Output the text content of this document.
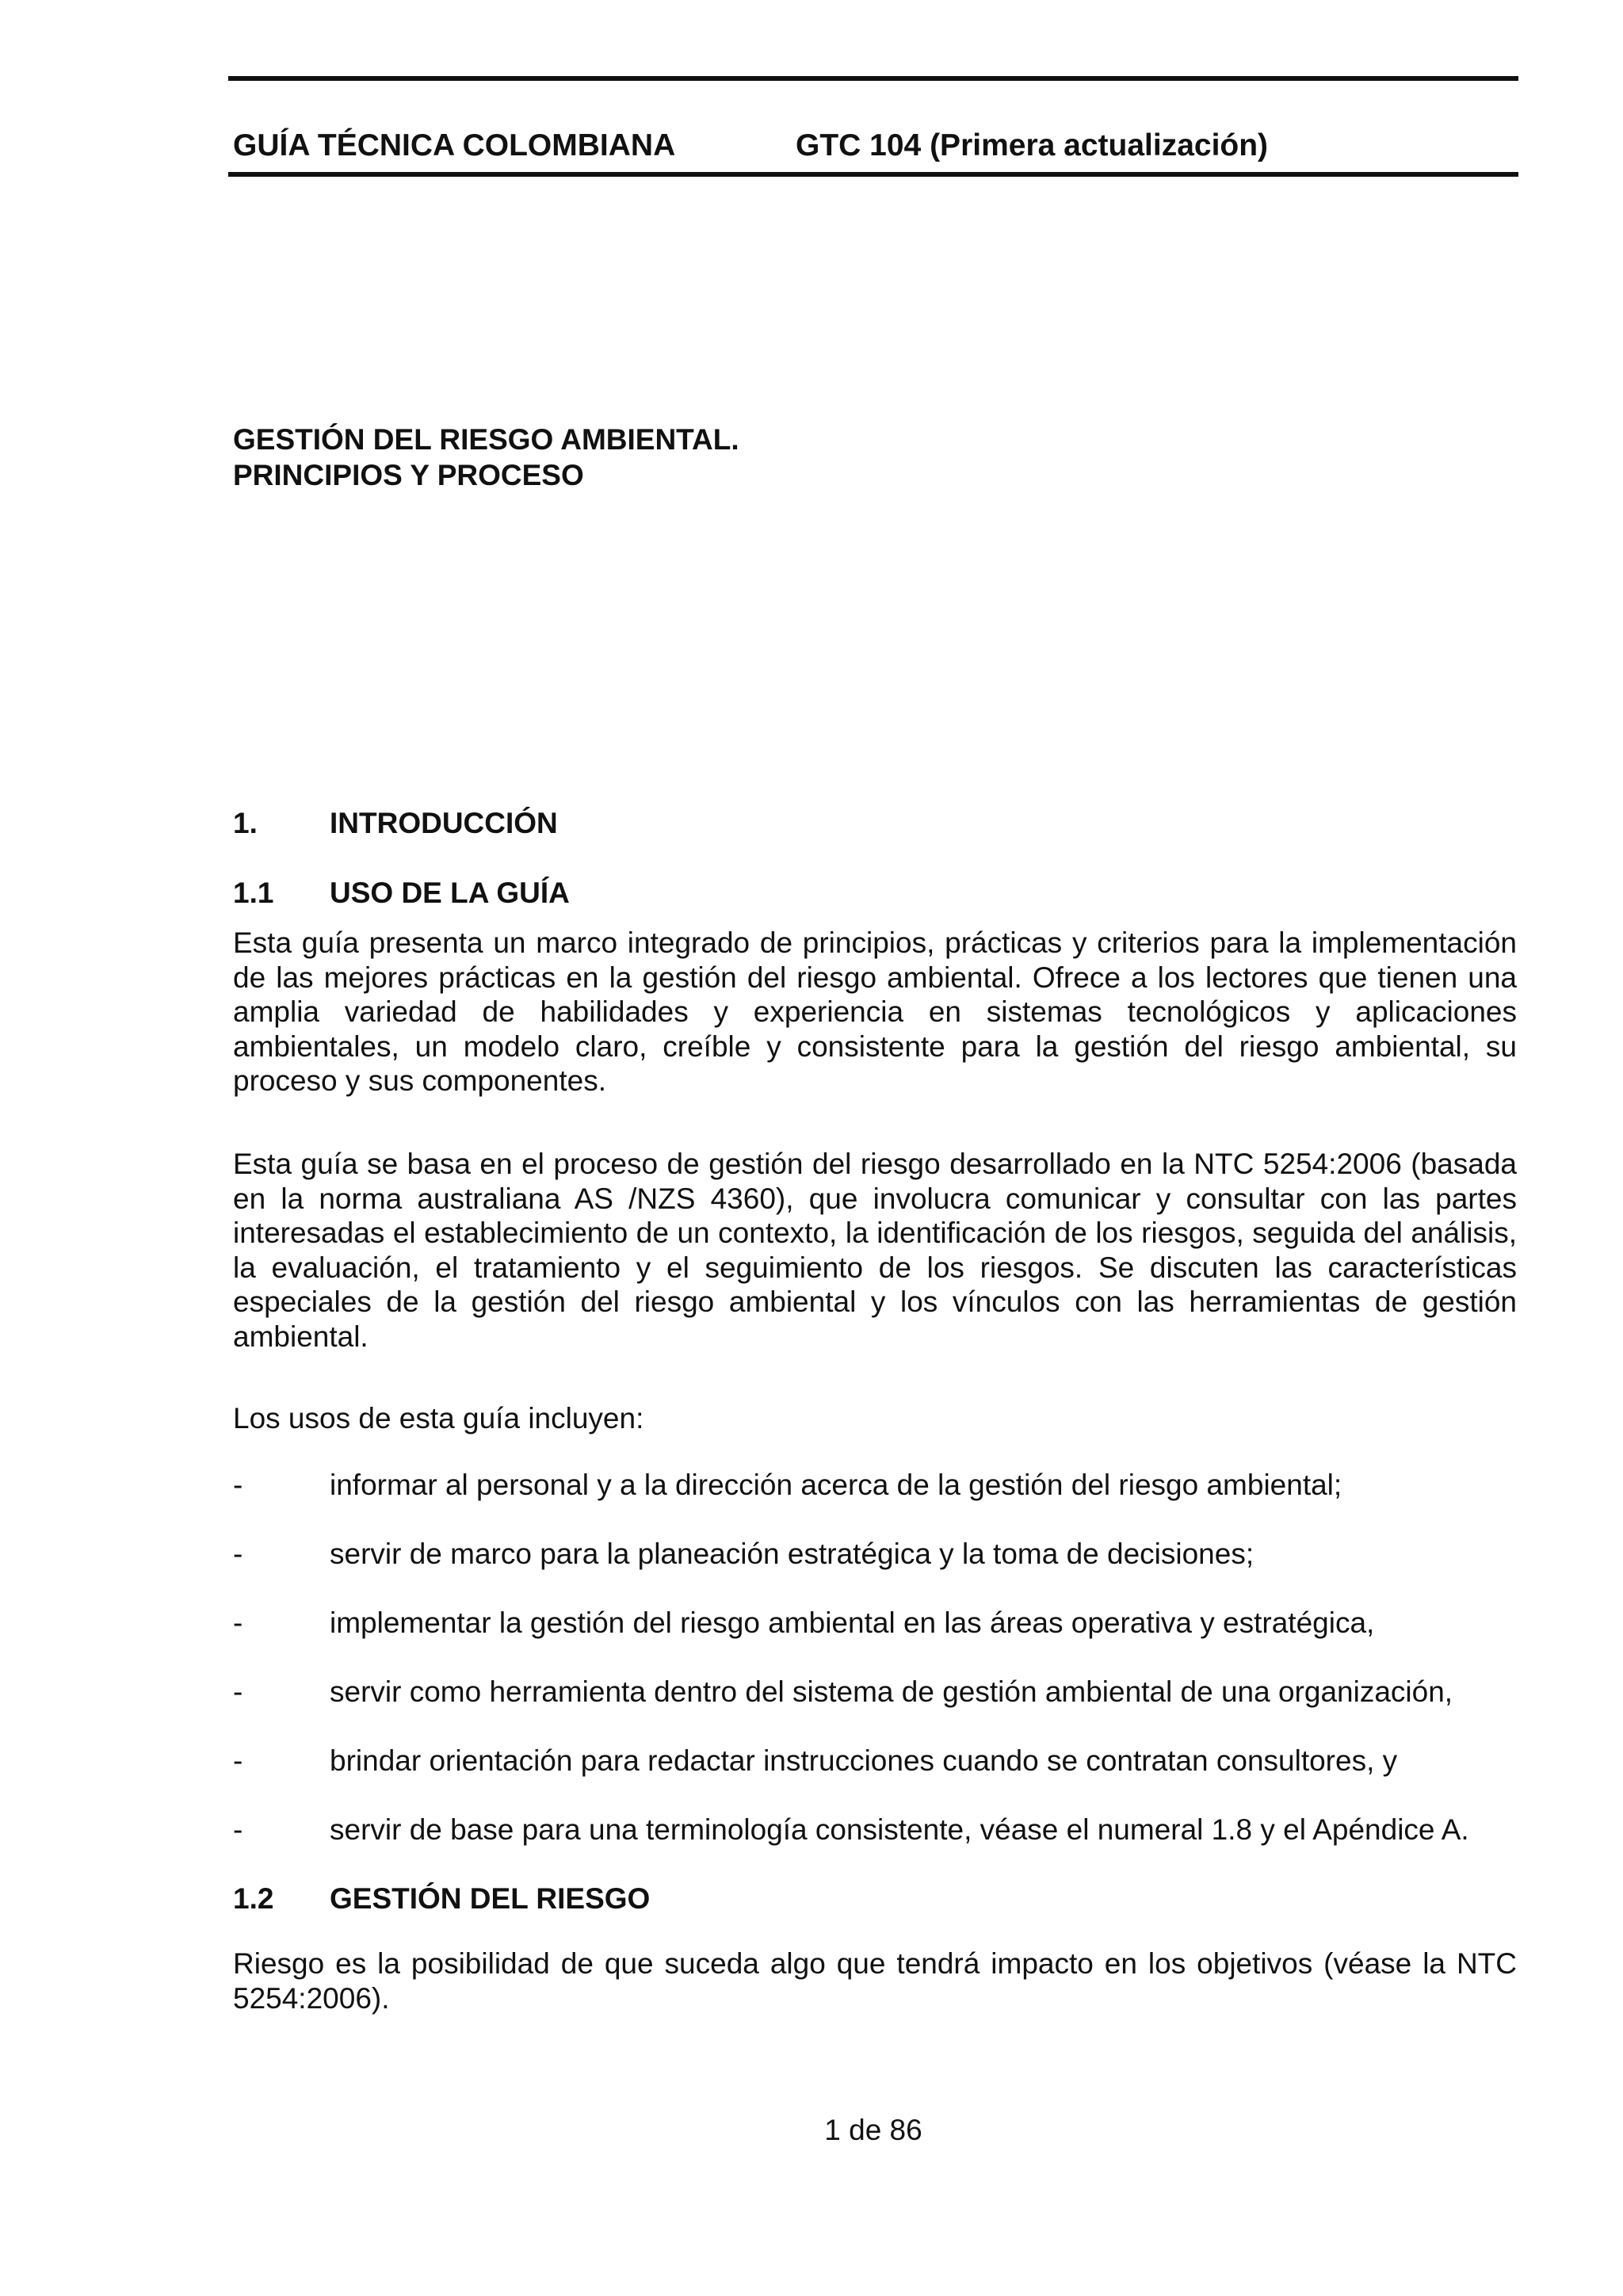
GUÍA TÉCNICA COLOMBIANA	GTC 104 (Primera actualización)
GESTIÓN DEL RIESGO AMBIENTAL.
PRINCIPIOS Y PROCESO
1. INTRODUCCIÓN
1.1 USO DE LA GUÍA

Esta guía presenta un marco integrado de principios, prácticas y criterios para la implementación de las mejores prácticas en la gestión del riesgo ambiental. Ofrece a los lectores que tienen una amplia variedad de habilidades y experiencia en sistemas tecnológicos y aplicaciones ambientales, un modelo claro, creíble y consistente para la gestión del riesgo ambiental, su proceso y sus componentes.

Esta guía se basa en el proceso de gestión del riesgo desarrollado en la NTC 5254:2006 (basada en la norma australiana AS /NZS 4360), que involucra comunicar y consultar con las partes interesadas el establecimiento de un contexto, la identificación de los riesgos, seguida del análisis, la evaluación, el tratamiento y el seguimiento de los riesgos. Se discuten las características especiales de la gestión del riesgo ambiental y los vínculos con las herramientas de gestión ambiental.

Los usos de esta guía incluyen:

-	informar al personal y a la dirección acerca de la gestión del riesgo ambiental;
-	servir de marco para la planeación estratégica y la toma de decisiones;
-	implementar la gestión del riesgo ambiental en las áreas operativa y estratégica,
-	servir como herramienta dentro del sistema de gestión ambiental de una organización,
-	brindar orientación para redactar instrucciones cuando se contratan consultores, y
-	servir de base para una terminología consistente, véase el numeral 1.8 y el Apéndice A.
1.2 GESTIÓN DEL RIESGO

Riesgo es la posibilidad de que suceda algo que tendrá impacto en los objetivos (véase la NTC 5254:2006).

1 de 86
